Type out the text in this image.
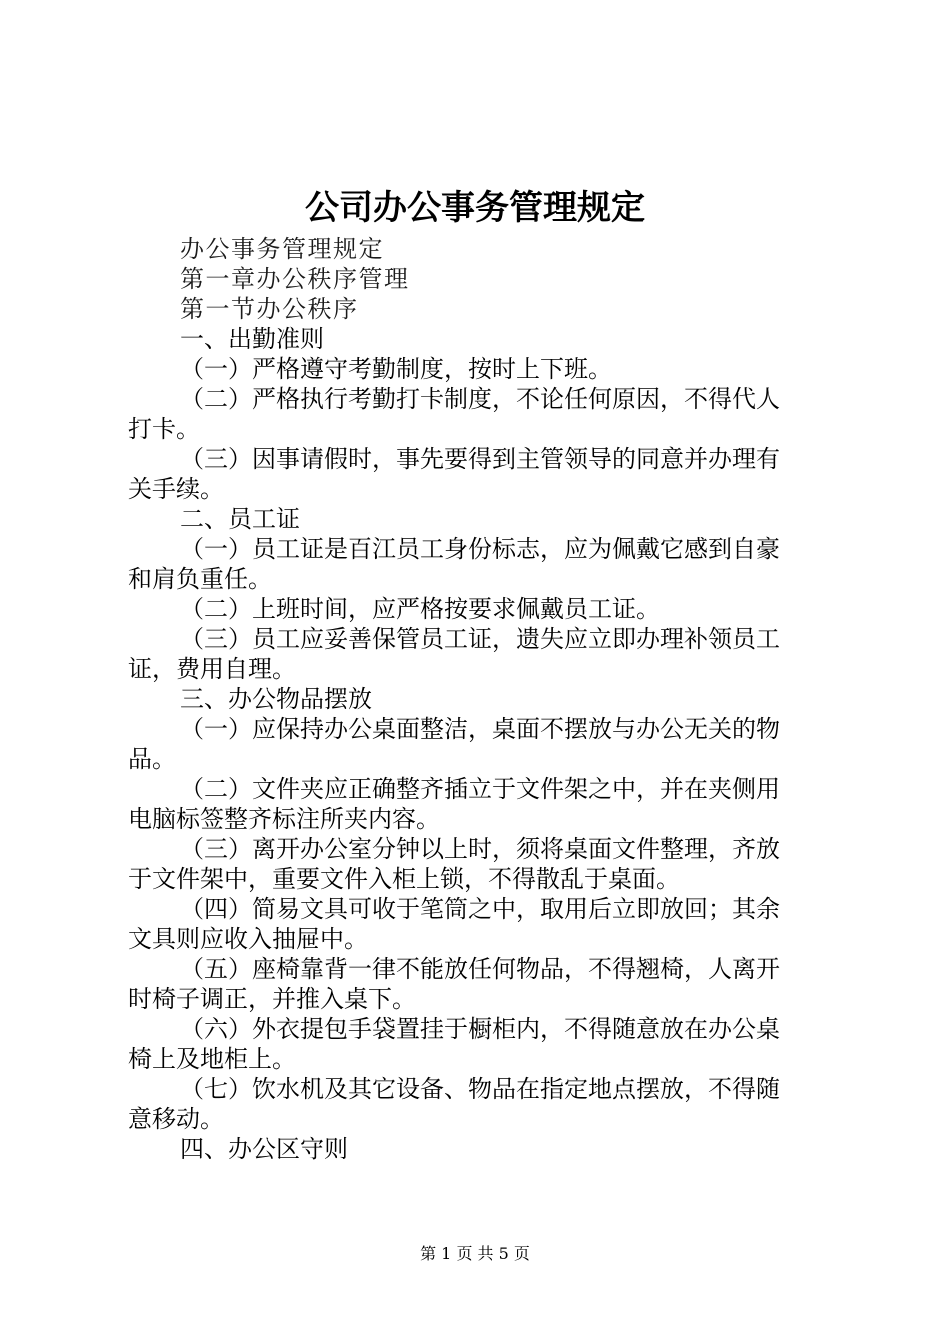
公司办公事务管理规定

办公事务管理规定

第一章办公秩序管理

第一节办公秩序

一、出勤准则

（一）严格遵守考勤制度，按时上下班。

（二）严格执行考勤打卡制度，不论任何原因，不得代人

打卡。

（三）因事请假时，事先要得到主管领导的同意并办理有

关手续。

二、员工证

（一）员工证是百江员工身份标志，应为佩戴它感到自豪

和肩负重任。

（二）上班时间，应严格按要求佩戴员工证。

（三）员工应妥善保管员工证，遗失应立即办理补领员工

证，费用自理。

三、办公物品摆放

（一）应保持办公桌面整洁，桌面不摆放与办公无关的物

品。

（二）文件夹应正确整齐插立于文件架之中，并在夹侧用

电脑标签整齐标注所夹内容。

（三）离开办公室分钟以上时，须将桌面文件整理，齐放

于文件架中，重要文件入柜上锁，不得散乱于桌面。

（四）简易文具可收于笔筒之中，取用后立即放回；其余

文具则应收入抽屉中。

（五）座椅靠背一律不能放任何物品，不得翘椅，人离开

时椅子调正，并推入桌下。

（六）外衣提包手袋置挂于橱柜内，不得随意放在办公桌

椅上及地柜上。

（七）饮水机及其它设备、物品在指定地点摆放，不得随

意移动。

四、办公区守则

第 1 页 共 5 页
